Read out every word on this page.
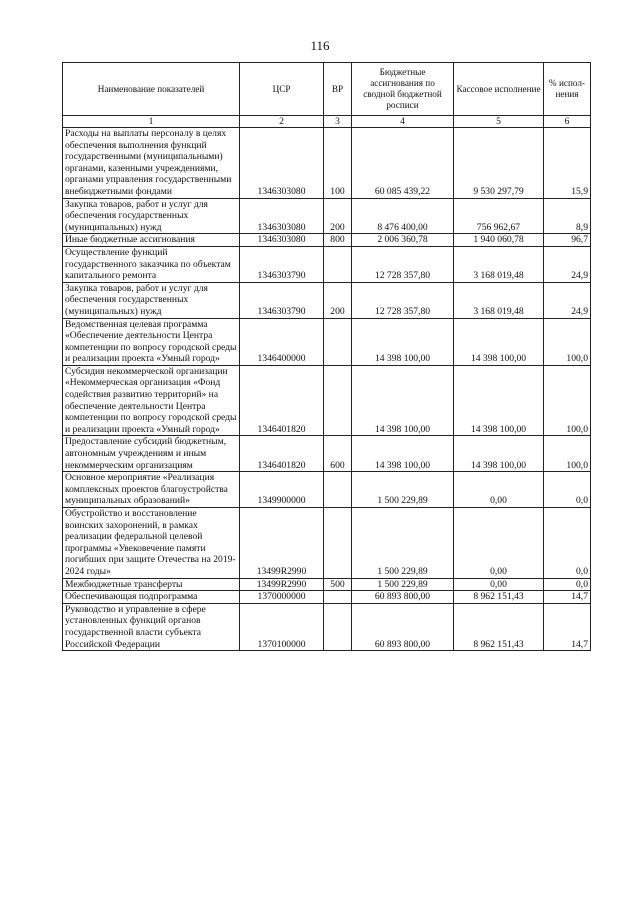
116
Наименование показателей	ЦСР	ВР	Бюджетные ассигнования по сводной бюджетной росписи	Кассовое исполнение	% испол-нения
1	2	3	4	5	6
Расходы на выплаты персоналу в целях обеспечения выполнения функций государственными (муниципальными) органами, казенными учреждениями, органами управления государственными внебюджетными фондами	1346303080	100	60 085 439,22	9 530 297,79	15,9
Закупка товаров, работ и услуг для обеспечения государственных (муниципальных) нужд	1346303080	200	8 476 400,00	756 962,67	8,9
Иные бюджетные ассигнования	1346303080	800	2 006 360,78	1 940 060,78	96,7
Осуществление функций государственного заказчика по объектам капитального ремонта	1346303790		12 728 357,80	3 168 019,48	24,9
Закупка товаров, работ и услуг для обеспечения государственных (муниципальных) нужд	1346303790	200	12 728 357,80	3 168 019,48	24,9
Ведомственная целевая программа «Обеспечение деятельности Центра компетенции по вопросу городской среды и реализации проекта «Умный город»	1346400000		14 398 100,00	14 398 100,00	100,0
Субсидия некоммерческой организации «Некоммерческая организация «Фонд содействия развитию территорий» на обеспечение деятельности Центра компетенции по вопросу городской среды и реализации проекта «Умный город»	1346401820		14 398 100,00	14 398 100,00	100,0
Предоставление субсидий бюджетным, автономным учреждениям и иным некоммерческим организациям	1346401820	600	14 398 100,00	14 398 100,00	100,0
Основное мероприятие «Реализация комплексных проектов благоустройства муниципальных образований»	1349900000		1 500 229,89	0,00	0,0
Обустройство и восстановление воинских захоронений, в рамках реализации федеральной целевой программы «Увековечение памяти погибших при защите Отечества на 2019-2024 годы»	13499R2990		1 500 229,89	0,00	0,0
Межбюджетные трансферты	13499R2990	500	1 500 229,89	0,00	0,0
Обеспечивающая подпрограмма	1370000000		60 893 800,00	8 962 151,43	14,7
Руководство и управление в сфере установленных функций органов государственной власти субъекта Российской Федерации	1370100000		60 893 800,00	8 962 151,43	14,7
